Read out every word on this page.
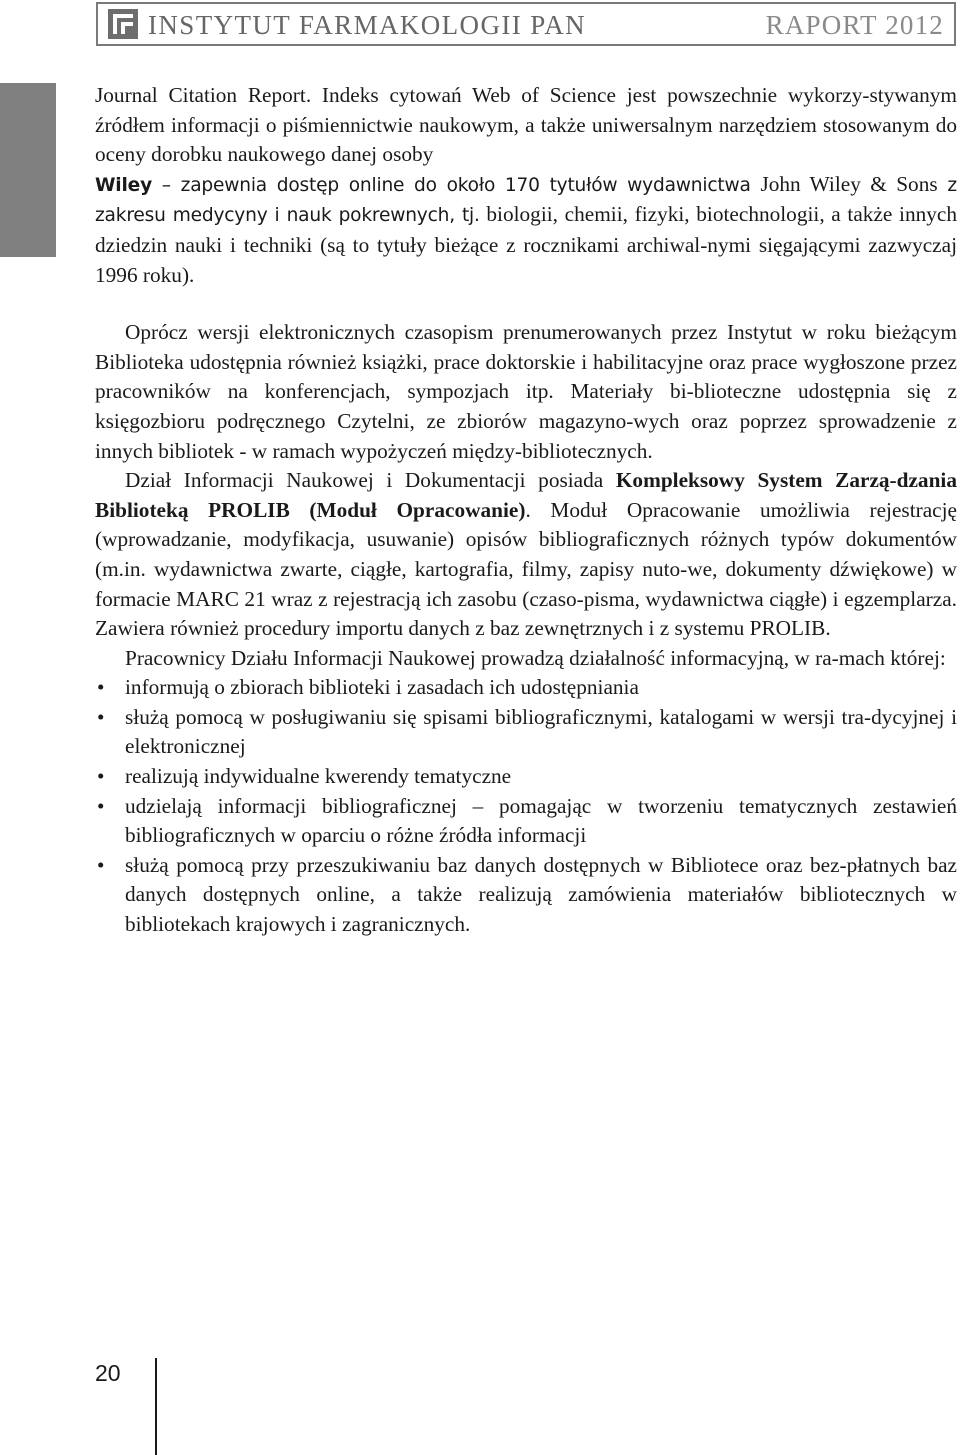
INSTYTUT FARMAKOLOGII PAN	RAPORT 2012

Journal Citation Report. Indeks cytowań Web of Science jest powszechnie wykorzy-stywanym źródłem informacji o piśmiennictwie naukowym, a także uniwersalnym narzędziem stosowanym do oceny dorobku naukowego danej osoby
Wiley – zapewnia dostęp online do około 170 tytułów wydawnictwa John Wiley & Sons z zakresu medycyny i nauk pokrewnych, tj. biologii, chemii, fizyki, biotechnologii, a także innych dziedzin nauki i techniki (są to tytuły bieżące z rocznikami archiwal-nymi sięgającymi zazwyczaj 1996 roku).

Oprócz wersji elektronicznych czasopism prenumerowanych przez Instytut w roku bieżącym Biblioteka udostępnia również książki, prace doktorskie i habilitacyjne oraz prace wygłoszone przez pracowników na konferencjach, sympozjach itp. Materiały bi-blioteczne udostępnia się z księgozbioru podręcznego Czytelni, ze zbiorów magazyno-wych oraz poprzez sprowadzenie z innych bibliotek - w ramach wypożyczeń między-bibliotecznych.

Dział Informacji Naukowej i Dokumentacji posiada Kompleksowy System Zarzą-dzania Biblioteką PROLIB (Moduł Opracowanie). Moduł Opracowanie umożliwia rejestrację (wprowadzanie, modyfikacja, usuwanie) opisów bibliograficznych różnych typów dokumentów (m.in. wydawnictwa zwarte, ciągłe, kartografia, filmy, zapisy nuto-we, dokumenty dźwiękowe) w formacie MARC 21 wraz z rejestracją ich zasobu (czaso-pisma, wydawnictwa ciągłe) i egzemplarza. Zawiera również procedury importu danych z baz zewnętrznych i z systemu PROLIB.

Pracownicy Działu Informacji Naukowej prowadzą działalność informacyjną, w ra-mach której:

• informują o zbiorach biblioteki i zasadach ich udostępniania
• służą pomocą w posługiwaniu się spisami bibliograficznymi, katalogami w wersji tra-dycyjnej i elektronicznej
• realizują indywidualne kwerendy tematyczne
• udzielają informacji bibliograficznej – pomagając w tworzeniu tematycznych zestawień bibliograficznych w oparciu o różne źródła informacji
• służą pomocą przy przeszukiwaniu baz danych dostępnych w Bibliotece oraz bez-płatnych baz danych dostępnych online, a także realizują zamówienia materiałów bibliotecznych w bibliotekach krajowych i zagranicznych.
20
